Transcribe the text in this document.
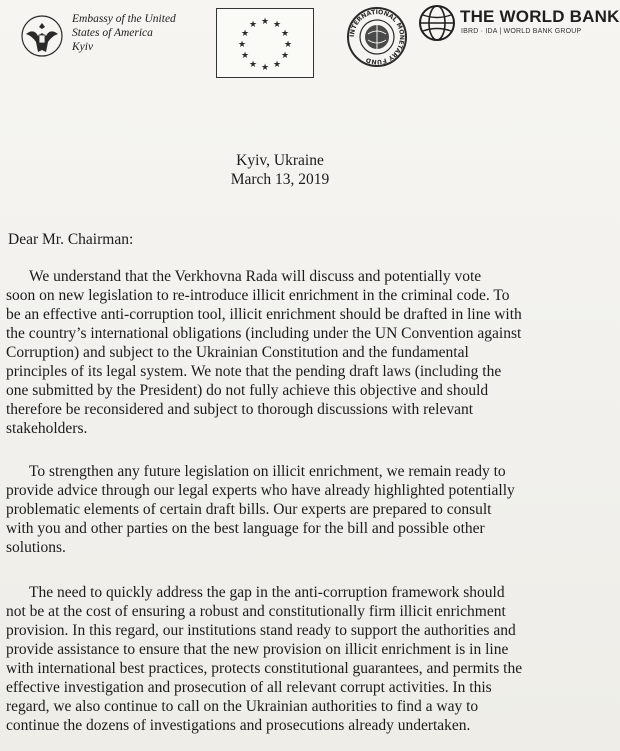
Embassy of the United
States of America
Kyiv
★ ★
★
★
★
★
★
★
★
★
★
★
INTERNATIONAL MONETARY FUND
THE WORLD BANK
IBRD · IDA | WORLD BANK GROUP
Kyiv, Ukraine
March 13, 2019
Dear Mr. Chairman:
We understand that the Verkhovna Rada will discuss and potentially vote
soon on new legislation to re-introduce illicit enrichment in the criminal code. To
be an effective anti-corruption tool, illicit enrichment should be drafted in line with
the country’s international obligations (including under the UN Convention against
Corruption) and subject to the Ukrainian Constitution and the fundamental
principles of its legal system. We note that the pending draft laws (including the
one submitted by the President) do not fully achieve this objective and should
therefore be reconsidered and subject to thorough discussions with relevant
stakeholders.
To strengthen any future legislation on illicit enrichment, we remain ready to
provide advice through our legal experts who have already highlighted potentially
problematic elements of certain draft bills. Our experts are prepared to consult
with you and other parties on the best language for the bill and possible other
solutions.
The need to quickly address the gap in the anti-corruption framework should
not be at the cost of ensuring a robust and constitutionally firm illicit enrichment
provision. In this regard, our institutions stand ready to support the authorities and
provide assistance to ensure that the new provision on illicit enrichment is in line
with international best practices, protects constitutional guarantees, and permits the
effective investigation and prosecution of all relevant corrupt activities. In this
regard, we also continue to call on the Ukrainian authorities to find a way to
continue the dozens of investigations and prosecutions already undertaken.
